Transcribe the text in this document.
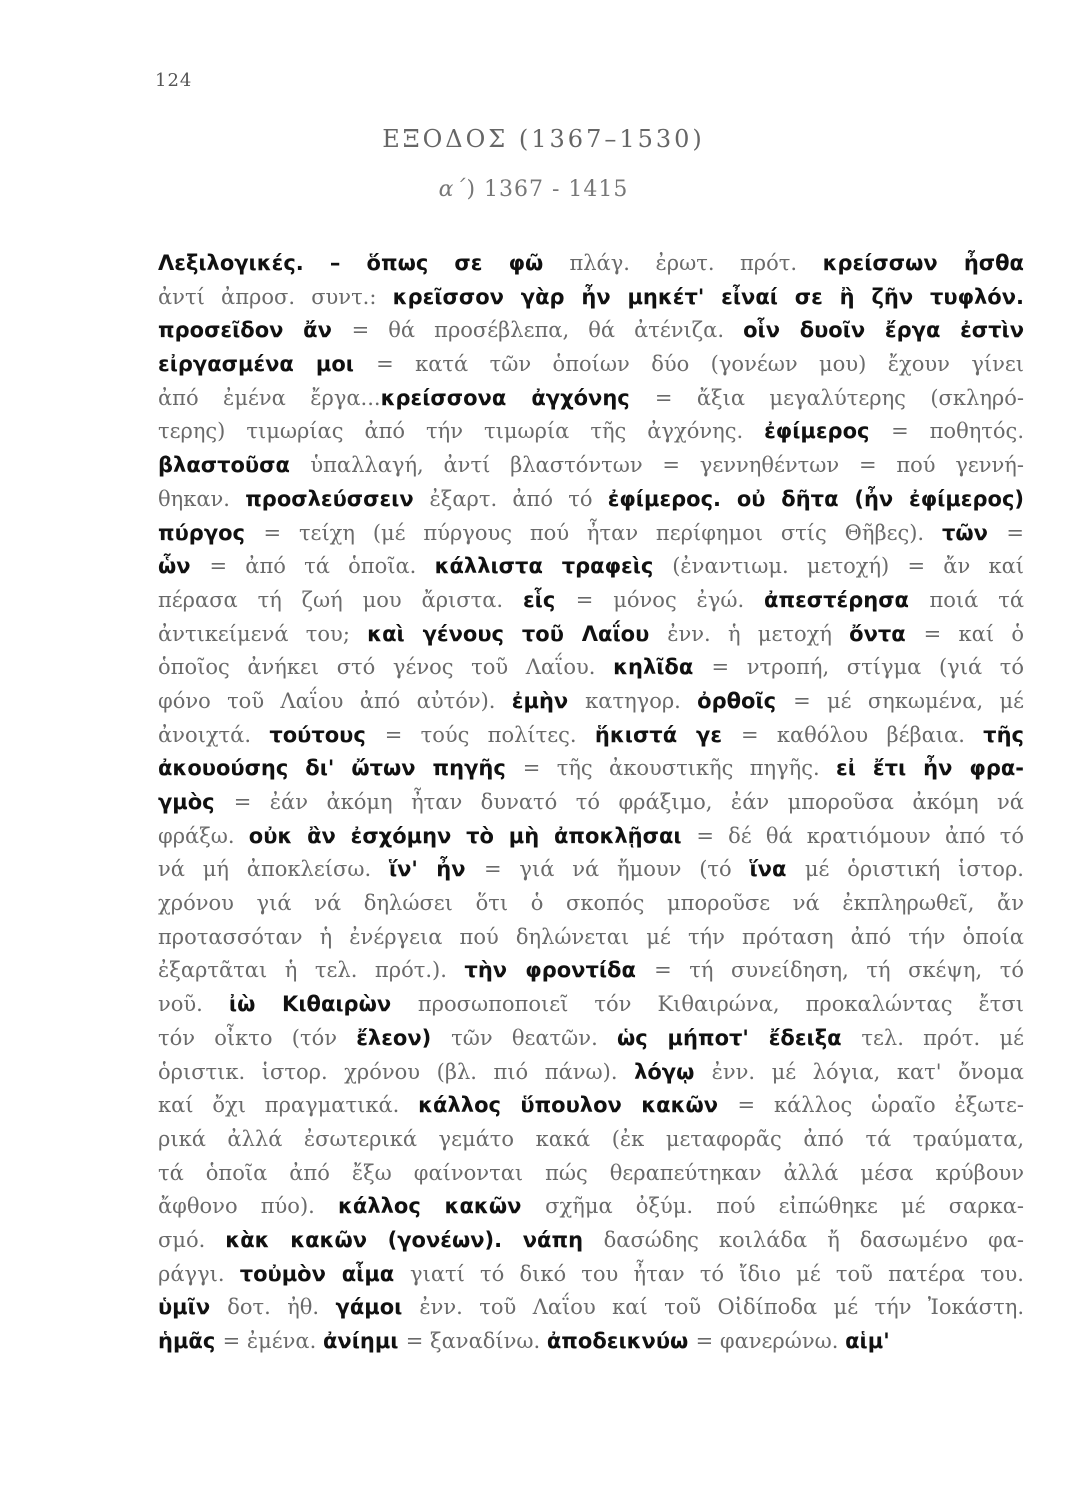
124
ΕΞΟΔΟΣ (1367–1530)
α΄) 1367 - 1415
Λεξιλογικές. – ὅπως σε φῶ πλάγ. ἐρωτ. πρότ. κρείσσων ἦσθα
ἀντί ἀπροσ. συντ.: κρεῖσσον γὰρ ἦν μηκέτ' εἶναί σε ἢ ζῆν τυφλόν.
προσεῖδον ἄν = θά προσέβλεπα, θά ἀτένιζα. οἷν δυοῖν ἔργα ἐστὶν
εἰργασμένα μοι = κατά τῶν ὁποίων δύο (γονέων μου) ἔχουν γίνει
ἀπό ἐμένα ἔργα...κρείσσονα ἀγχόνης = ἄξια μεγαλύτερης (σκληρό-
τερης) τιμωρίας ἀπό τήν τιμωρία τῆς ἀγχόνης. ἐφίμερος = ποθητός.
βλαστοῦσα ὑπαλλαγή, ἀντί βλαστόντων = γεννηθέντων = πού γεννή-
θηκαν. προσλεύσσειν ἐξαρτ. ἀπό τό ἐφίμερος. οὐ δῆτα (ἦν ἐφίμερος)
πύργος = τείχη (μέ πύργους πού ἦταν περίφημοι στίς Θῆβες). τῶν =
ὧν = ἀπό τά ὁποῖα. κάλλιστα τραφεὶς (ἐναντιωμ. μετοχή) = ἄν καί
πέρασα τή ζωή μου ἄριστα. εἷς = μόνος ἐγώ. ἀπεστέρησα ποιά τά
ἀντικείμενά του; καὶ γένους τοῦ Λαΐου ἐνν. ἡ μετοχή ὄντα = καί ὁ
ὁποῖος ἀνήκει στό γένος τοῦ Λαΐου. κηλῖδα = ντροπή, στίγμα (γιά τό
φόνο τοῦ Λαΐου ἀπό αὐτόν). ἐμὴν κατηγορ. ὀρθοῖς = μέ σηκωμένα, μέ
ἀνοιχτά. τούτους = τούς πολίτες. ἥκιστά γε = καθόλου βέβαια. τῆς
ἀκουούσης δι' ὤτων πηγῆς = τῆς ἀκουστικῆς πηγῆς. εἰ ἔτι ἦν φρα-
γμὸς = ἐάν ἀκόμη ἦταν δυνατό τό φράξιμο, ἐάν μποροῦσα ἀκόμη νά
φράξω. οὐκ ἂν ἐσχόμην τὸ μὴ ἀποκλῇσαι = δέ θά κρατιόμουν ἀπό τό
νά μή ἀποκλείσω. ἵν' ἦν = γιά νά ἤμουν (τό ἵνα μέ ὁριστική ἱστορ.
χρόνου γιά νά δηλώσει ὅτι ὁ σκοπός μποροῦσε νά ἐκπληρωθεῖ, ἄν
προτασσόταν ἡ ἐνέργεια πού δηλώνεται μέ τήν πρόταση ἀπό τήν ὁποία
ἐξαρτᾶται ἡ τελ. πρότ.). τὴν φροντίδα = τή συνείδηση, τή σκέψη, τό
νοῦ. ἰὼ Κιθαιρὼν προσωποποιεῖ τόν Κιθαιρώνα, προκαλώντας ἔτσι
τόν οἶκτο (τόν ἔλεον) τῶν θεατῶν. ὡς μήποτ' ἔδειξα τελ. πρότ. μέ
ὁριστικ. ἱστορ. χρόνου (βλ. πιό πάνω). λόγῳ ἐνν. μέ λόγια, κατ' ὄνομα
καί ὄχι πραγματικά. κάλλος ὕπουλον κακῶν = κάλλος ὡραῖο ἐξωτε-
ρικά ἀλλά ἐσωτερικά γεμάτο κακά (ἐκ μεταφορᾶς ἀπό τά τραύματα,
τά ὁποῖα ἀπό ἔξω φαίνονται πώς θεραπεύτηκαν ἀλλά μέσα κρύβουν
ἄφθονο πύο). κάλλος κακῶν σχῆμα ὀξύμ. πού εἰπώθηκε μέ σαρκα-
σμό. κὰκ κακῶν (γονέων). νάπη δασώδης κοιλάδα ἤ δασωμένο φα-
ράγγι. τοὐμὸν αἷμα γιατί τό δικό του ἦταν τό ἴδιο μέ τοῦ πατέρα του.
ὑμῖν δοτ. ἠθ. γάμοι ἐνν. τοῦ Λαΐου καί τοῦ Οἰδίποδα μέ τήν Ἰοκάστη.
ἡμᾶς = ἐμένα. ἀνίημι = ξαναδίνω. ἀποδεικνύω = φανερώνω. αἱμ'
